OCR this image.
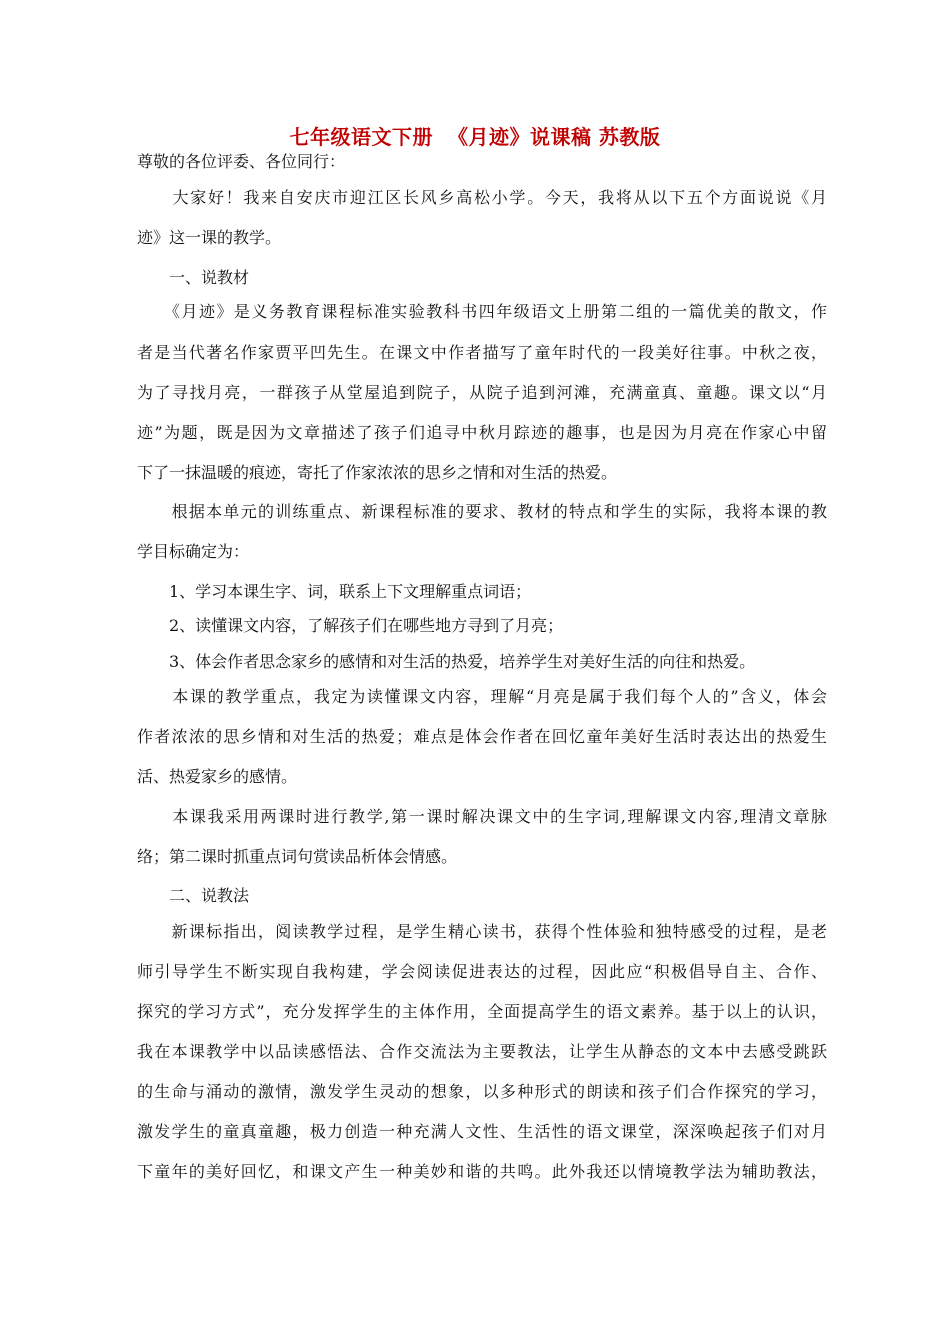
七年级语文下册  《月迹》说课稿 苏教版
尊敬的各位评委、各位同行：
　　大家好！我来自安庆市迎江区长风乡高松小学。今天，我将从以下五个方面说说《月
迹》这一课的教学。
　　一、说教材
　　《月迹》是义务教育课程标准实验教科书四年级语文上册第二组的一篇优美的散文，作
者是当代著名作家贾平凹先生。在课文中作者描写了童年时代的一段美好往事。中秋之夜，
为了寻找月亮，一群孩子从堂屋追到院子，从院子追到河滩，充满童真、童趣。课文以“月
迹”为题，既是因为文章描述了孩子们追寻中秋月踪迹的趣事，也是因为月亮在作家心中留
下了一抹温暖的痕迹，寄托了作家浓浓的思乡之情和对生活的热爱。
　　根据本单元的训练重点、新课程标准的要求、教材的特点和学生的实际，我将本课的教
学目标确定为：
　　1、学习本课生字、词，联系上下文理解重点词语；
　　2、读懂课文内容，了解孩子们在哪些地方寻到了月亮；
　　3、体会作者思念家乡的感情和对生活的热爱，培养学生对美好生活的向往和热爱。
　　本课的教学重点，我定为读懂课文内容，理解“月亮是属于我们每个人的”含义，体会
作者浓浓的思乡情和对生活的热爱；难点是体会作者在回忆童年美好生活时表达出的热爱生
活、热爱家乡的感情。
　　本课我采用两课时进行教学,第一课时解决课文中的生字词,理解课文内容,理清文章脉
络；第二课时抓重点词句赏读品析体会情感。
　　二、说教法
　　新课标指出，阅读教学过程，是学生精心读书，获得个性体验和独特感受的过程，是老
师引导学生不断实现自我构建，学会阅读促进表达的过程，因此应“积极倡导自主、合作、
探究的学习方式”，充分发挥学生的主体作用，全面提高学生的语文素养。基于以上的认识，
我在本课教学中以品读感悟法、合作交流法为主要教法，让学生从静态的文本中去感受跳跃
的生命与涌动的激情，激发学生灵动的想象，以多种形式的朗读和孩子们合作探究的学习，
激发学生的童真童趣，极力创造一种充满人文性、生活性的语文课堂，深深唤起孩子们对月
下童年的美好回忆，和课文产生一种美妙和谐的共鸣。此外我还以情境教学法为辅助教法，
